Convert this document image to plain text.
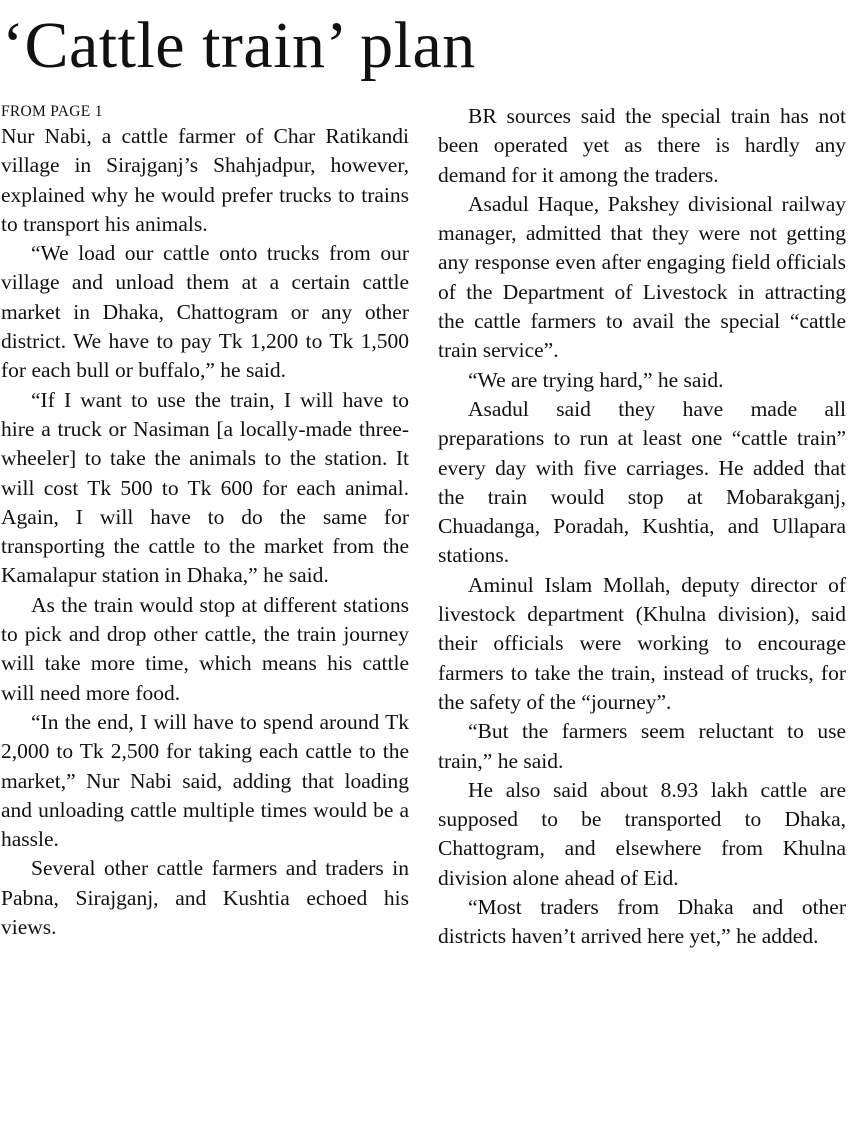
‘Cattle train’ plan
FROM PAGE 1

Nur Nabi, a cattle farmer of Char Ratikandi village in Sirajganj’s Shahjadpur, however, explained why he would prefer trucks to trains to transport his animals.

“We load our cattle onto trucks from our village and unload them at a certain cattle market in Dhaka, Chattogram or any other district. We have to pay Tk 1,200 to Tk 1,500 for each bull or buffalo,” he said.

“If I want to use the train, I will have to hire a truck or Nasiman [a locally-made three-wheeler] to take the animals to the station. It will cost Tk 500 to Tk 600 for each animal. Again, I will have to do the same for transporting the cattle to the market from the Kamalapur station in Dhaka,” he said.

As the train would stop at different stations to pick and drop other cattle, the train journey will take more time, which means his cattle will need more food.

“In the end, I will have to spend around Tk 2,000 to Tk 2,500 for taking each cattle to the market,” Nur Nabi said, adding that loading and unloading cattle multiple times would be a hassle.

Several other cattle farmers and traders in Pabna, Sirajganj, and Kushtia echoed his views.

BR sources said the special train has not been operated yet as there is hardly any demand for it among the traders.

Asadul Haque, Pakshey divisional railway manager, admitted that they were not getting any response even after engaging field officials of the Department of Livestock in attracting the cattle farmers to avail the special “cattle train service”.

“We are trying hard,” he said.

Asadul said they have made all preparations to run at least one “cattle train” every day with five carriages. He added that the train would stop at Mobarakganj, Chuadanga, Poradah, Kushtia, and Ullapara stations.

Aminul Islam Mollah, deputy director of livestock department (Khulna division), said their officials were working to encourage farmers to take the train, instead of trucks, for the safety of the “journey”.

“But the farmers seem reluctant to use train,” he said.

He also said about 8.93 lakh cattle are supposed to be transported to Dhaka, Chattogram, and elsewhere from Khulna division alone ahead of Eid.

“Most traders from Dhaka and other districts haven’t arrived here yet,” he added.
